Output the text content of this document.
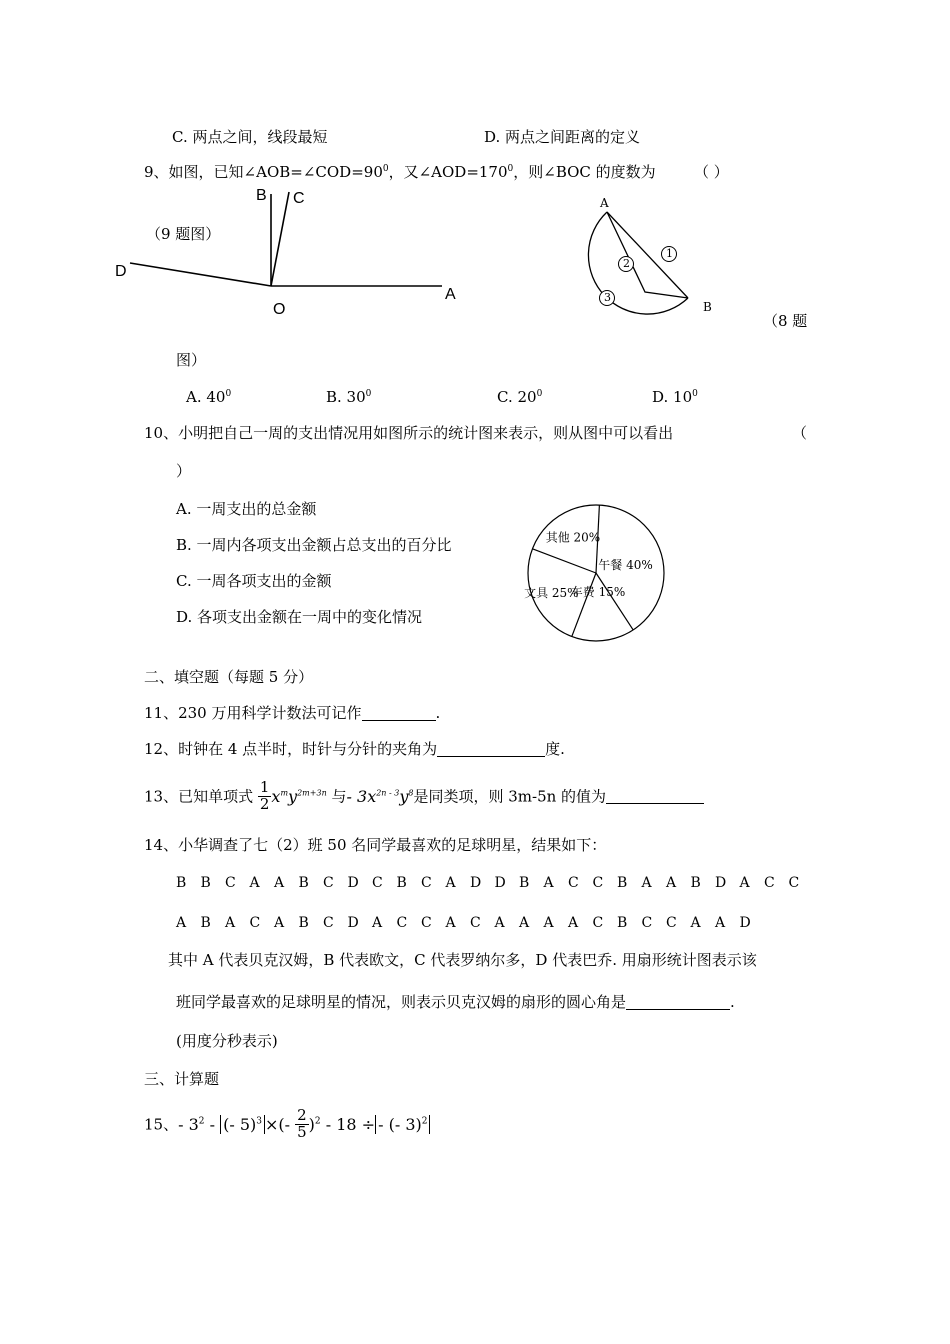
C. 两点之间，线段最短	D. 两点之间距离的定义
9、如图，已知$\angle AOB=\angle COD=90^0$，又$\angle AOD=170^0$，则∠BOC 的度数为	（ ）
B C
D
A
O
（9 题图）
A
B
1
2
3
（8 题
图）
A. $40^0$	B. $30^0$	C. $20^0$	D. $10^0$
10、小明把自己一周的支出情况用如图所示的统计图来表示，则从图中可以看出	（
）
A. 一周支出的总金额
B. 一周内各项支出金额占总支出的百分比
C. 一周各项支出的金额
D. 各项支出金额在一周中的变化情况
午餐 40%
车费 15%
文具 25%
其他 20%
二、填空题（每题 5 分）
11、230 万用科学计数法可记作	.
12、时钟在 4 点半时，时针与分针的夹角为	度.
13、已知单项式 $\frac{1}{2}x^my^{2m+3n}$ 与- $3x^{2n - 3}y^8$是同类项，则 3m-5n 的值为
14、小华调查了七（2）班 50 名同学最喜欢的足球明星，结果如下：
B B C A A B C D C B C A D D B A C C B A A B D A C C
A B A C A B C D A C C A C A A A A C B C C A A D
其中 A 代表贝克汉姆，B 代表欧文，C 代表罗纳尔多，D 代表巴乔. 用扇形统计图表示该
班同学最喜欢的足球明星的情况，则表示贝克汉姆的扇形的圆心角是	.
(用度分秒表示)
三、计算题
15、- $3^2$ - (- 5)$^3$ ×(- $\frac{2}{5})^2 - 18$ ÷ - (- 3)$^2$
